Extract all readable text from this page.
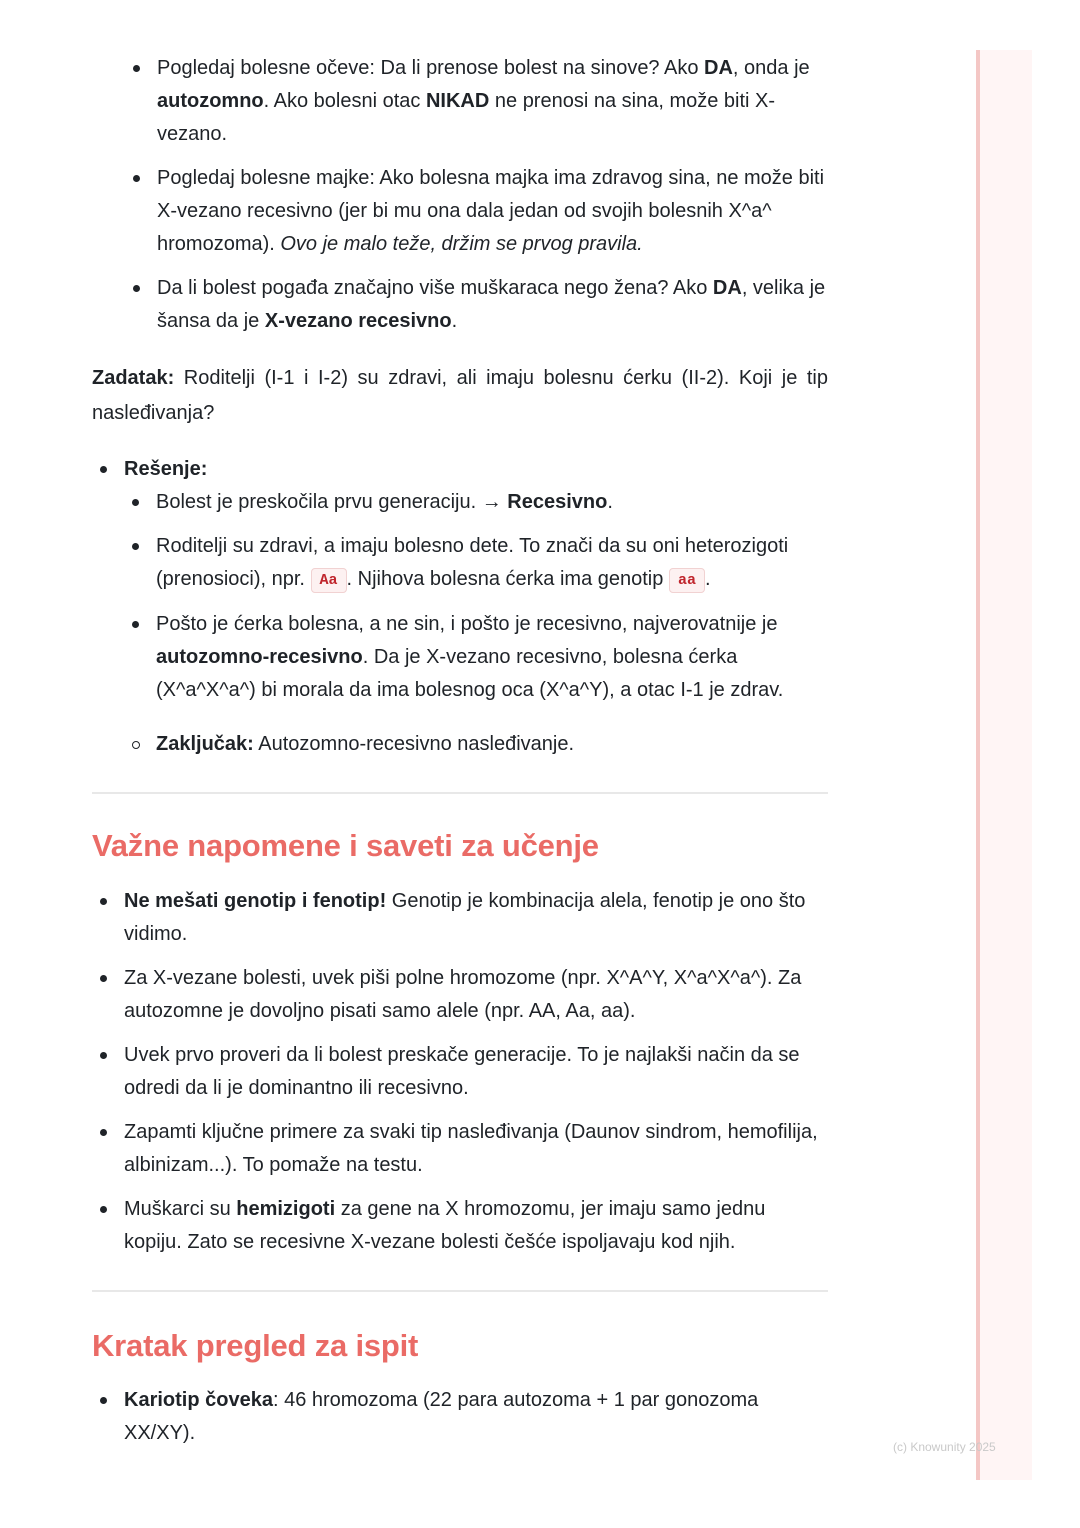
Pogledaj bolesne očeve: Da li prenose bolest na sinove? Ako DA, onda je autozomno. Ako bolesni otac NIKAD ne prenosi na sina, može biti X-vezano.
Pogledaj bolesne majke: Ako bolesna majka ima zdravog sina, ne može biti X-vezano recesivno (jer bi mu ona dala jedan od svojih bolesnih X^a^ hromozoma). Ovo je malo teže, držim se prvog pravila.
Da li bolest pogađa značajno više muškaraca nego žena? Ako DA, velika je šansa da je X-vezano recesivno.

Zadatak: Roditelji (I-1 i I-2) su zdravi, ali imaju bolesnu ćerku (II-2). Koji je tip nasleđivanja?

Rešenje:
Bolest je preskočila prvu generaciju. → Recesivno.
Roditelji su zdravi, a imaju bolesno dete. To znači da su oni heterozigoti (prenosioci), npr. Aa . Njihova bolesna ćerka ima genotip aa .
Pošto je ćerka bolesna, a ne sin, i pošto je recesivno, najverovatnije je autozomno-recesivno. Da je X-vezano recesivno, bolesna ćerka (X^a^X^a^) bi morala da ima bolesnog oca (X^a^Y), a otac I-1 je zdrav.
Zaključak: Autozomno-recesivno nasleđivanje.
Važne napomene i saveti za učenje
Ne mešati genotip i fenotip! Genotip je kombinacija alela, fenotip je ono što vidimo.
Za X-vezane bolesti, uvek piši polne hromozome (npr. X^A^Y, X^a^X^a^). Za autozomne je dovoljno pisati samo alele (npr. AA, Aa, aa).
Uvek prvo proveri da li bolest preskače generacije. To je najlakši način da se odredi da li je dominantno ili recesivno.
Zapamti ključne primere za svaki tip nasleđivanja (Daunov sindrom, hemofilija, albinizam...). To pomaže na testu.
Muškarci su hemizigoti za gene na X hromozomu, jer imaju samo jednu kopiju. Zato se recesivne X-vezane bolesti češće ispoljavaju kod njih.
Kratak pregled za ispit
Kariotip čoveka: 46 hromozoma (22 para autozoma + 1 par gonozoma XX/XY).
(c) Knowunity 2025
